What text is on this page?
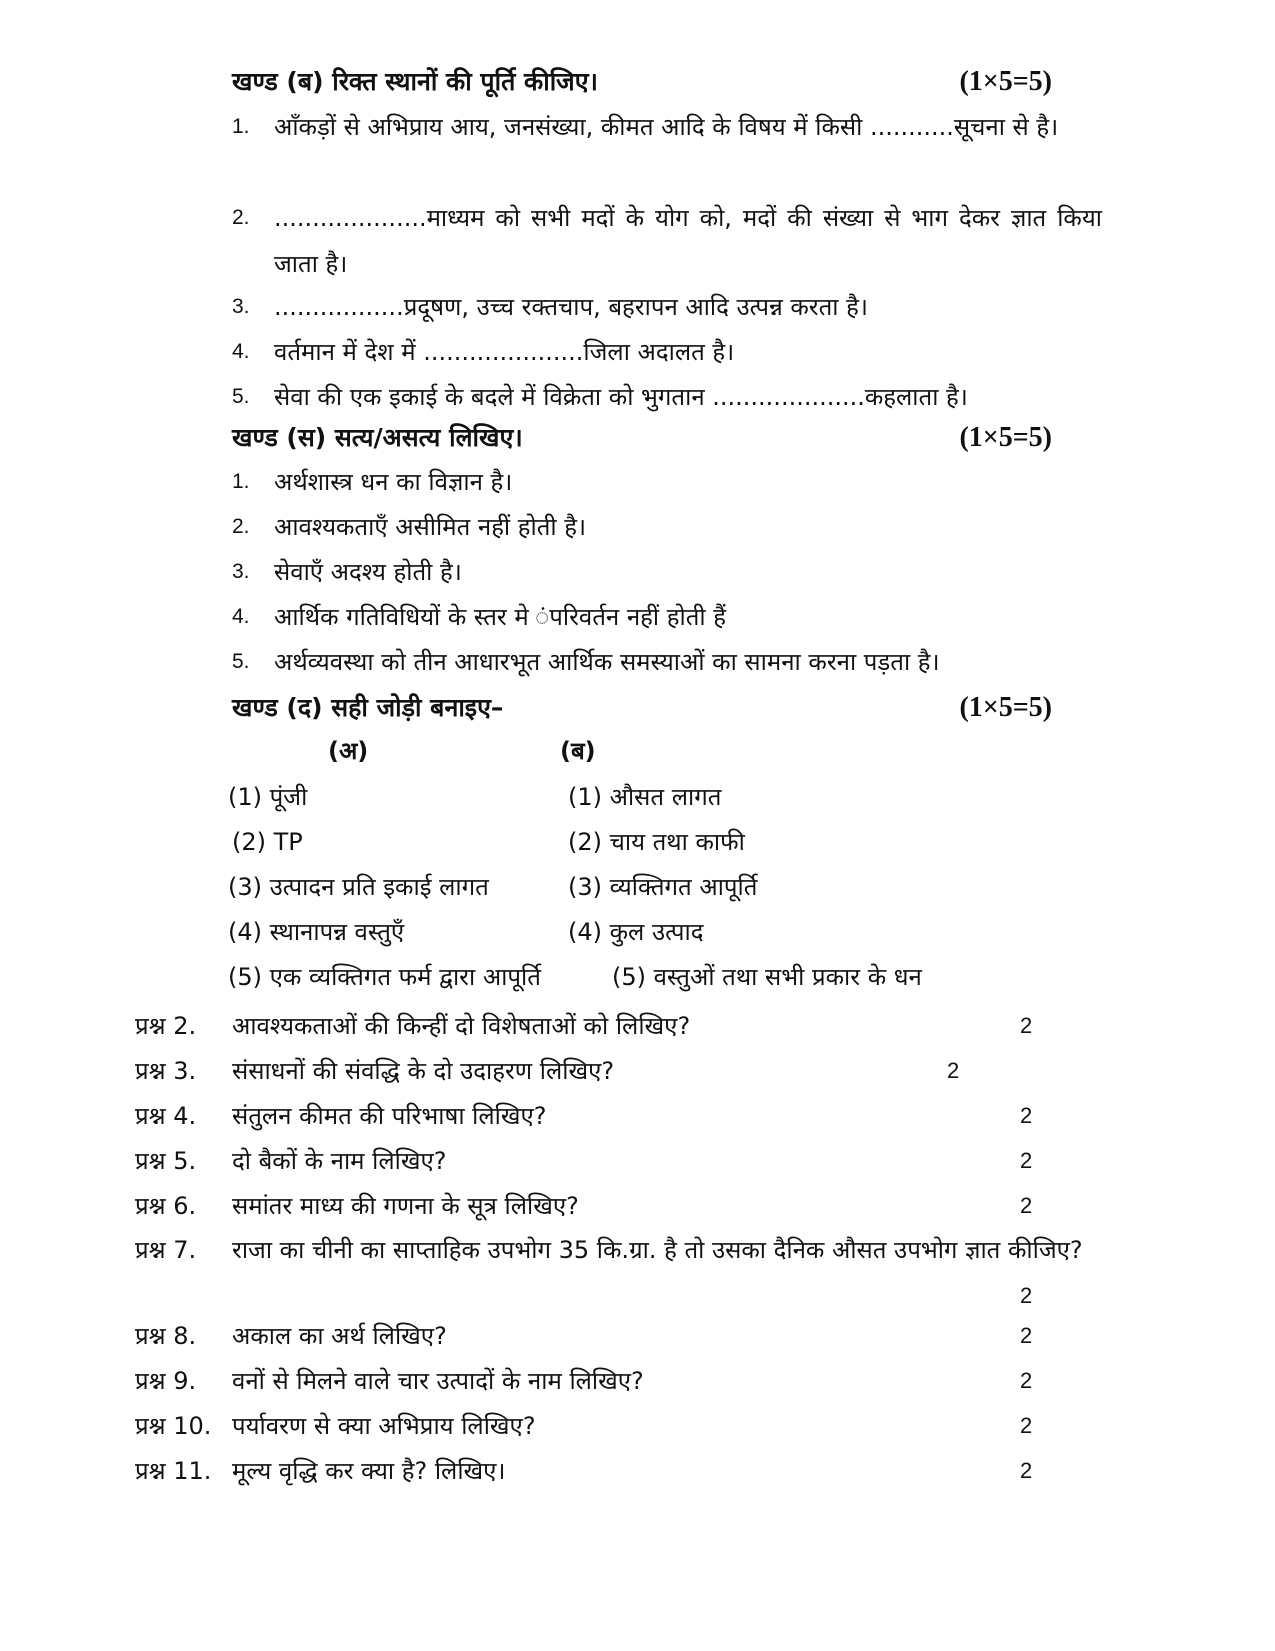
खण्ड (ब) रिक्त स्थानों की पूर्ति कीजिए।	(1×5=5)
1.	आँकड़ों से अभिप्राय आय, जनसंख्या, कीमत आदि के विषय में किसी ...........सूचना से है।
2.	....................माध्यम को सभी मदों के योग को, मदों की संख्या से भाग देकर ज्ञात किया जाता है।
3.	.................प्रदूषण, उच्च रक्तचाप, बहरापन आदि उत्पन्न करता है।
4.	वर्तमान में देश में .....................जिला अदालत है।
5.	सेवा की एक इकाई के बदले में विक्रेता को भुगतान ....................कहलाता है।
खण्ड (स) सत्य/असत्य लिखिए।	(1×5=5)
1.	अर्थशास्त्र धन का विज्ञान है।
2.	आवश्यकताएँ असीमित नहीं होती है।
3.	सेवाएँ अदश्य होती है।
4.	आर्थिक गतिविधियों के स्तर मे ंपरिवर्तन नहीं होती हैं
5.	अर्थव्यवस्था को तीन आधारभूत आर्थिक समस्याओं का सामना करना पड़ता है।
खण्ड (द) सही जोड़ी बनाइए–	(1×5=5)
(अ)	(ब)
(1) पूंजी	(1) औसत लागत
(2) TP	(2) चाय तथा काफी
(3) उत्पादन प्रति इकाई लागत	(3) व्यक्तिगत आपूर्ति
(4) स्थानापन्न वस्तुएँ	(4) कुल उत्पाद
(5) एक व्यक्तिगत फर्म द्वारा आपूर्ति	(5) वस्तुओं तथा सभी प्रकार के धन
प्रश्न 2. आवश्यकताओं की किन्हीं दो विशेषताओं को लिखिए?	2
प्रश्न 3. संसाधनों की संवद्धि के दो उदाहरण लिखिए?	2
प्रश्न 4. संतुलन कीमत की परिभाषा लिखिए?	2
प्रश्न 5. दो बैकों के नाम लिखिए?	2
प्रश्न 6. समांतर माध्य की गणना के सूत्र लिखिए?	2
प्रश्न 7. राजा का चीनी का साप्ताहिक उपभोग 35 कि.ग्रा. है तो उसका दैनिक औसत उपभोग ज्ञात कीजिए?
2
प्रश्न 8. अकाल का अर्थ लिखिए?	2
प्रश्न 9. वनों से मिलने वाले चार उत्पादों के नाम लिखिए?	2
प्रश्न 10. पर्यावरण से क्या अभिप्राय लिखिए?	2
प्रश्न 11. मूल्य वृद्धि कर क्या है? लिखिए।	2
